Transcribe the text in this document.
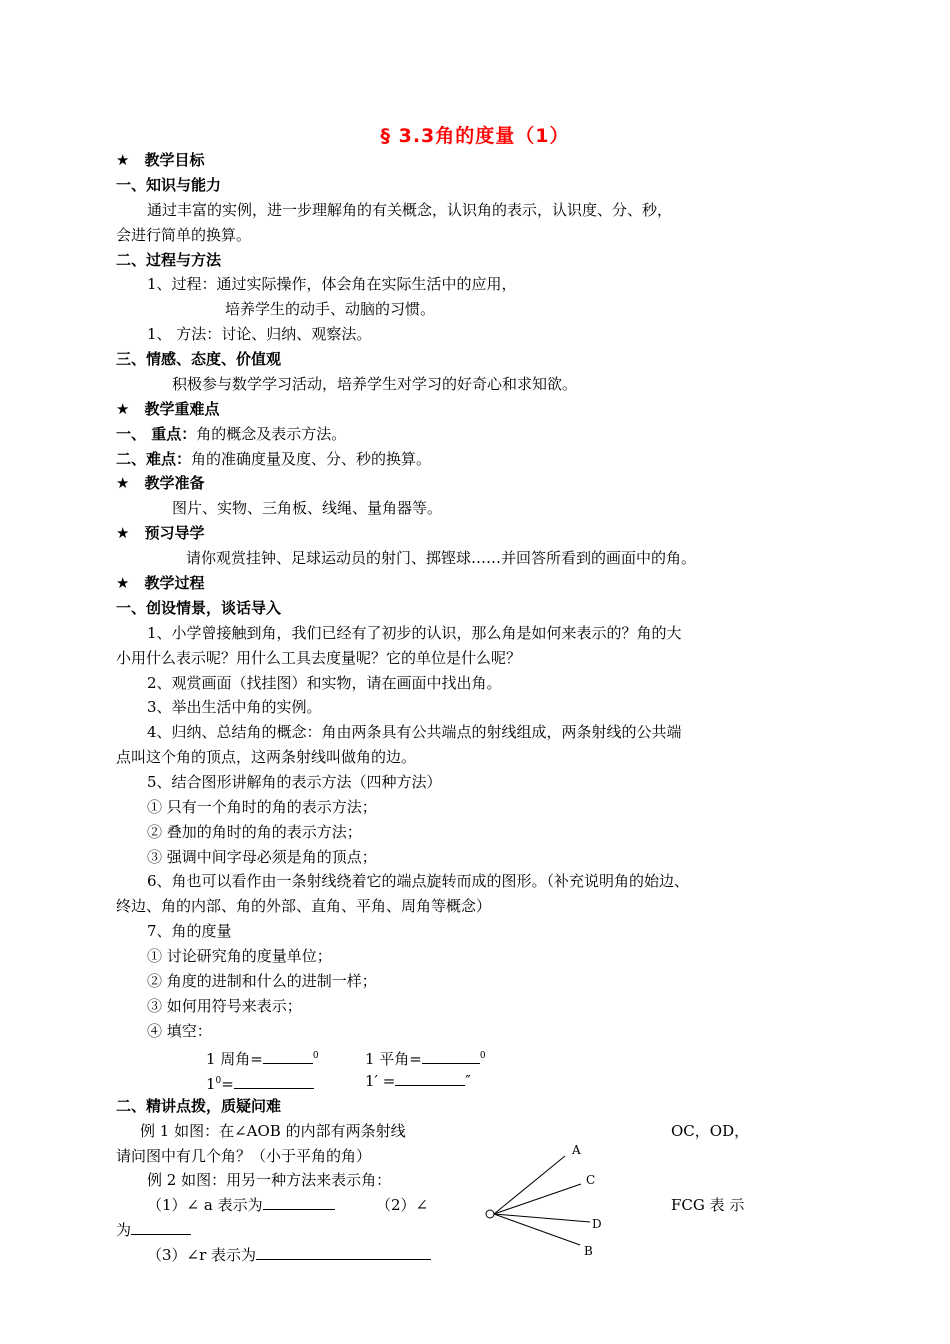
§ 3.3角的度量（1）
★　教学目标
一、知识与能力
通过丰富的实例，进一步理解角的有关概念，认识角的表示，认识度、分、秒，
会进行简单的换算。
二、过程与方法
1、过程：通过实际操作，体会角在实际生活中的应用，
培养学生的动手、动脑的习惯。
1、 方法：讨论、归纳、观察法。
三、情感、态度、价值观
积极参与数学学习活动，培养学生对学习的好奇心和求知欲。
★　教学重难点
一、 重点：角的概念及表示方法。
二、难点：角的准确度量及度、分、秒的换算。
★　教学准备
图片、实物、三角板、线绳、量角器等。
★　预习导学
请你观赏挂钟、足球运动员的射门、掷铿球……并回答所看到的画面中的角。
★　教学过程
一、创设情景，谈话导入
1、小学曾接触到角，我们已经有了初步的认识，那么角是如何来表示的？角的大
小用什么表示呢？用什么工具去度量呢？它的单位是什么呢？
2、观赏画面（找挂图）和实物，请在画面中找出角。
3、举出生活中角的实例。
4、归纳、总结角的概念：角由两条具有公共端点的射线组成，两条射线的公共端
点叫这个角的顶点，这两条射线叫做角的边。
5、结合图形讲解角的表示方法（四种方法）
① 只有一个角时的角的表示方法；
② 叠加的角时的角的表示方法；
③ 强调中间字母必须是角的顶点；
6、角也可以看作由一条射线绕着它的端点旋转而成的图形。（补充说明角的始边、
终边、角的内部、角的外部、直角、平角、周角等概念）
7、角的度量
① 讨论研究角的度量单位；
② 角度的进制和什么的进制一样；
③ 如何用符号来表示；
④ 填空：
1 周角=	$^0$	1 平角=	$^0$
$1^0=$	1′ =	″
二、精讲点拨，质疑问难
例 1 如图：在∠AOB 的内部有两条射线	OC，OD，
请问图中有几个角？（小于平角的角）
例 2 如图：用另一种方法来表示角：
（1）∠ a 表示为	（2）∠	FCG 表 示
为
（3）∠r 表示为
A
C
D
B
